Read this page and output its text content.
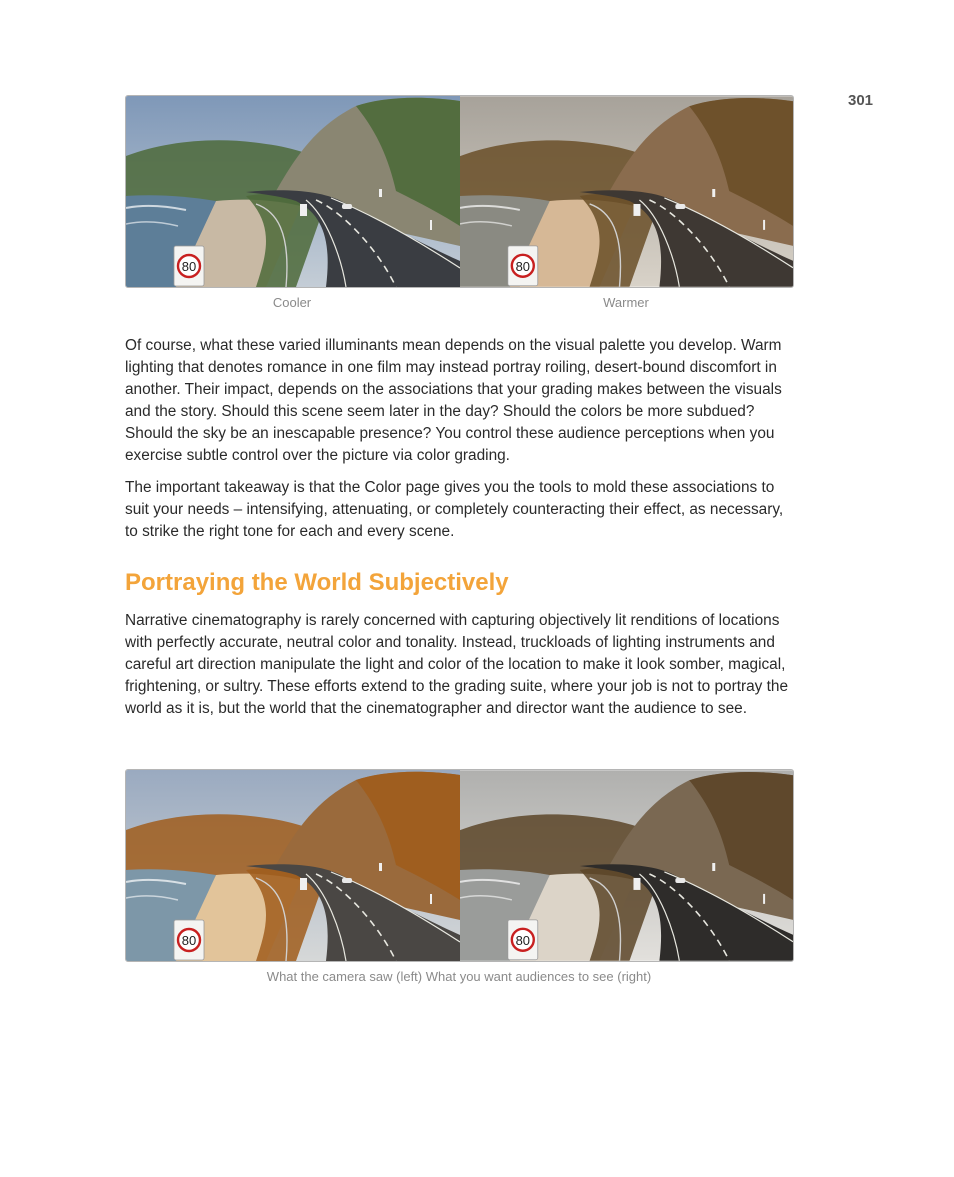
301
80	80
Cooler	Warmer

Of course, what these varied illuminants mean depends on the visual palette you develop. Warm lighting that denotes romance in one film may instead portray roiling, desert-bound discomfort in another. Their impact, depends on the associations that your grading makes between the visuals and the story. Should this scene seem later in the day? Should the colors be more subdued? Should the sky be an inescapable presence? You control these audience perceptions when you exercise subtle control over the picture via color grading.

The important takeaway is that the Color page gives you the tools to mold these associations to suit your needs – intensifying, attenuating, or completely counteracting their effect, as necessary, to strike the right tone for each and every scene.

Portraying the World Subjectively

Narrative cinematography is rarely concerned with capturing objectively lit renditions of locations with perfectly accurate, neutral color and tonality. Instead, truckloads of lighting instruments and careful art direction manipulate the light and color of the location to make it look somber, magical, frightening, or sultry. These efforts extend to the grading suite, where your job is not to portray the world as it is, but the world that the cinematographer and director want the audience to see.

80	80
What the camera saw (left) What you want audiences to see (right)
